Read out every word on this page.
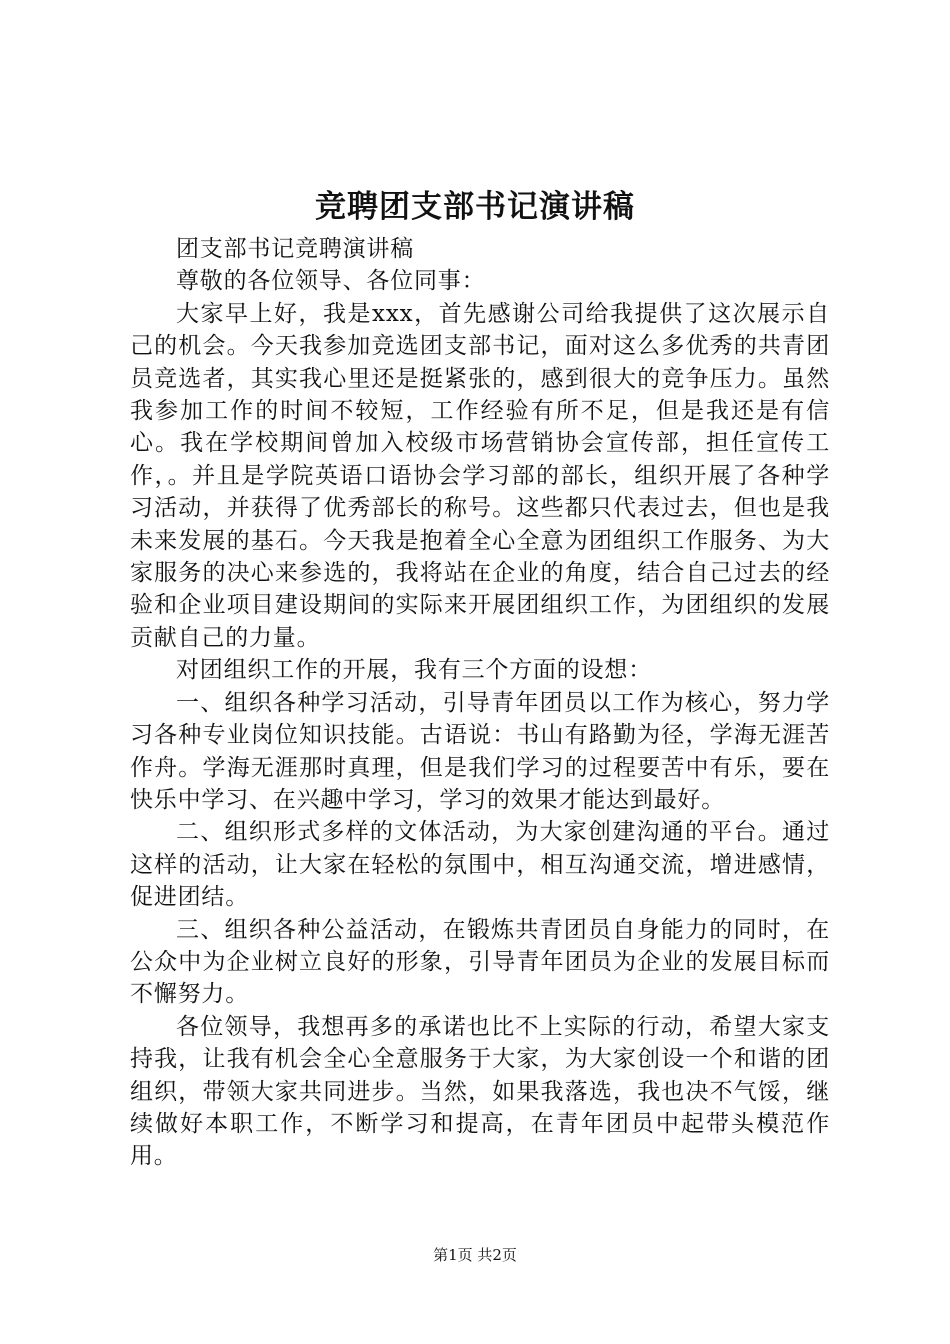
竞聘团支部书记演讲稿

团支部书记竞聘演讲稿

尊敬的各位领导、各位同事：

大家早上好，我是xxx，首先感谢公司给我提供了这次展示自己的机会。今天我参加竞选团支部书记，面对这么多优秀的共青团员竞选者，其实我心里还是挺紧张的，感到很大的竞争压力。虽然我参加工作的时间不较短，工作经验有所不足，但是我还是有信心。我在学校期间曾加入校级市场营销协会宣传部，担任宣传工作，。并且是学院英语口语协会学习部的部长，组织开展了各种学习活动，并获得了优秀部长的称号。这些都只代表过去，但也是我未来发展的基石。今天我是抱着全心全意为团组织工作服务、为大家服务的决心来参选的，我将站在企业的角度，结合自己过去的经验和企业项目建设期间的实际来开展团组织工作，为团组织的发展贡献自己的力量。

对团组织工作的开展，我有三个方面的设想：

一、组织各种学习活动，引导青年团员以工作为核心，努力学习各种专业岗位知识技能。古语说：书山有路勤为径，学海无涯苦作舟。学海无涯那时真理，但是我们学习的过程要苦中有乐，要在快乐中学习、在兴趣中学习，学习的效果才能达到最好。

二、组织形式多样的文体活动，为大家创建沟通的平台。通过这样的活动，让大家在轻松的氛围中，相互沟通交流，增进感情，促进团结。

三、组织各种公益活动，在锻炼共青团员自身能力的同时，在公众中为企业树立良好的形象，引导青年团员为企业的发展目标而不懈努力。

各位领导，我想再多的承诺也比不上实际的行动，希望大家支持我，让我有机会全心全意服务于大家，为大家创设一个和谐的团组织，带领大家共同进步。当然，如果我落选，我也决不气馁，继续做好本职工作，不断学习和提高，在青年团员中起带头模范作用。

第1页 共2页
